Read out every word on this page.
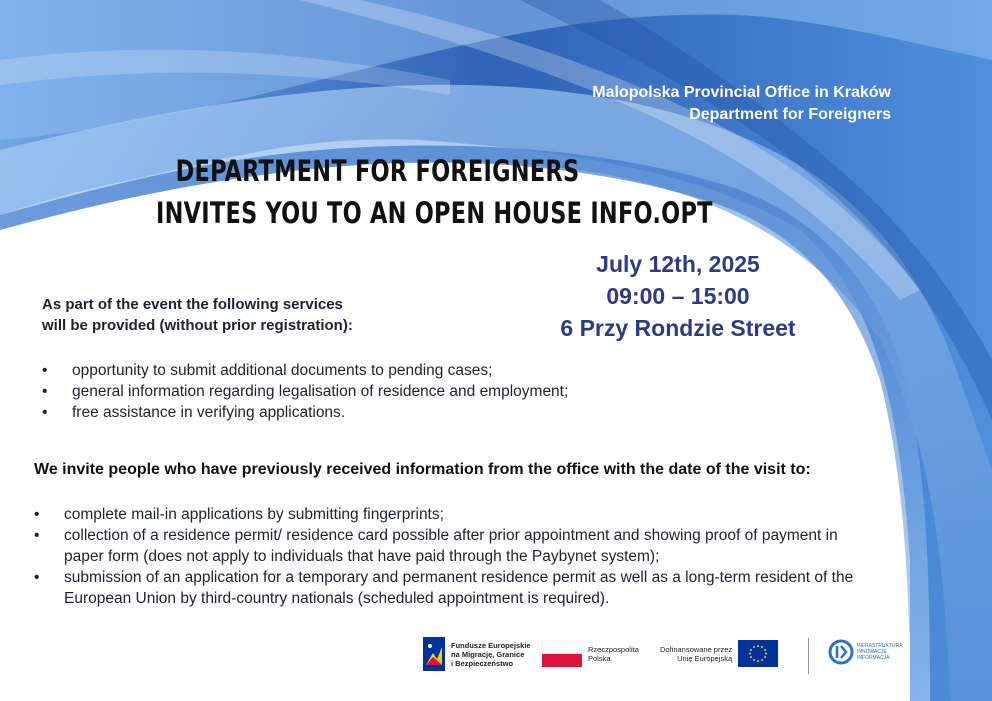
Malopolska Provincial Office in Kraków
Department for Foreigners
DEPARTMENT FOR FOREIGNERS
INVITES YOU TO AN OPEN HOUSE INFO.OPT
July 12th, 2025
09:00 – 15:00
6 Przy Rondzie Street
As part of the event the following services
will be provided (without prior registration):
• opportunity to submit additional documents to pending cases;
• general information regarding legalisation of residence and employment;
• free assistance in verifying applications.
We invite people who have previously received information from the office with the date of the visit to:
• complete mail-in applications by submitting fingerprints;
• collection of a residence permit/ residence card possible after prior appointment and showing proof of payment in paper form (does not apply to individuals that have paid through the Paybynet system);
• submission of an application for a temporary and permanent residence permit as well as a long-term resident of the European Union by third-country nationals (scheduled appointment is required).
Fundusze Europejskie
na Migrację, Granice
i Bezpieczeństwo
Rzeczpospolita
Polska
Dofinansowane przez
Unię Europejską
INFRASTRUKTURA
INNOWACJE
INFORMACJA
